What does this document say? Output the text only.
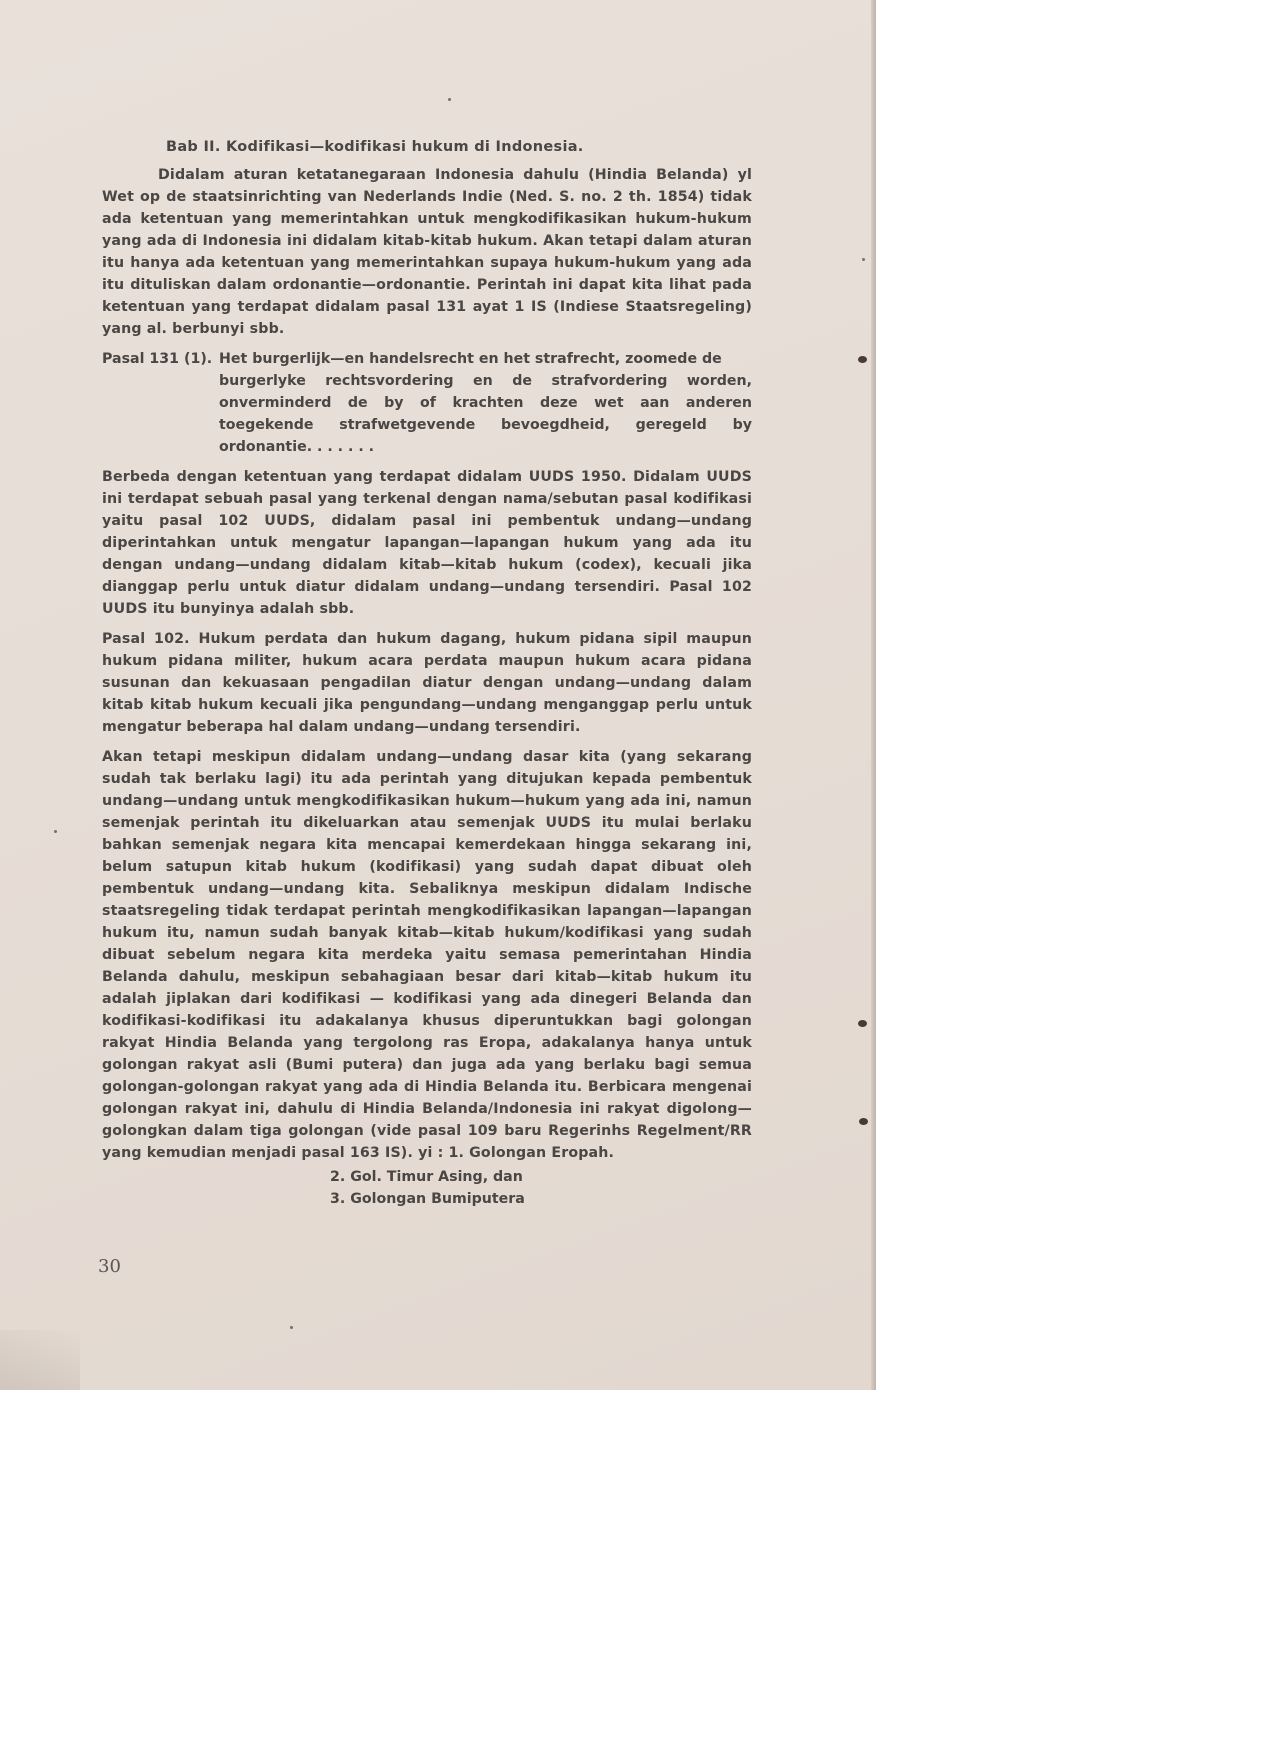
Bab II. Kodifikasi—kodifikasi hukum di Indonesia.

Didalam aturan ketatanegaraan Indonesia dahulu (Hindia Belanda) yl Wet op de staatsinrichting van Nederlands Indie (Ned. S. no. 2 th. 1854) tidak ada ketentuan yang memerintahkan untuk mengkodifikasikan hukum-hukum yang ada di Indonesia ini didalam kitab-kitab hukum. Akan tetapi dalam aturan itu hanya ada ketentuan yang memerintahkan supaya hukum-hukum yang ada itu dituliskan dalam ordonantie—ordonantie. Perintah ini dapat kita lihat pada ketentuan yang terdapat didalam pasal 131 ayat 1 IS (Indiese Staatsregeling) yang al. berbunyi sbb.

Pasal 131 (1). Het burgerlijk—en handelsrecht en het strafrecht, zoomede de

burgerlyke rechtsvordering en de strafvordering worden, onverminderd de by of krachten deze wet aan anderen toegekende strafwetgevende bevoegdheid, geregeld by ordonantie. . . . . . .

Berbeda dengan ketentuan yang terdapat didalam UUDS 1950. Didalam UUDS ini terdapat sebuah pasal yang terkenal dengan nama/sebutan pasal kodifikasi yaitu pasal 102 UUDS, didalam pasal ini pembentuk undang—undang diperintahkan untuk mengatur lapangan—lapangan hukum yang ada itu dengan undang—undang didalam kitab—kitab hukum (codex), kecuali jika dianggap perlu untuk diatur didalam undang—undang tersendiri. Pasal 102 UUDS itu bunyinya adalah sbb.

Pasal 102. Hukum perdata dan hukum dagang, hukum pidana sipil maupun hukum pidana militer, hukum acara perdata maupun hukum acara pidana susunan dan kekuasaan pengadilan diatur dengan undang—undang dalam kitab kitab hukum kecuali jika pengundang—undang menganggap perlu untuk mengatur beberapa hal dalam undang—undang tersendiri.

Akan tetapi meskipun didalam undang—undang dasar kita (yang sekarang sudah tak berlaku lagi) itu ada perintah yang ditujukan kepada pembentuk undang—undang untuk mengkodifikasikan hukum—hukum yang ada ini, namun semenjak perintah itu dikeluarkan atau semenjak UUDS itu mulai berlaku bahkan semenjak negara kita mencapai kemerdekaan hingga sekarang ini, belum satupun kitab hukum (kodifikasi) yang sudah dapat dibuat oleh pembentuk undang—undang kita. Sebaliknya meskipun didalam Indische staatsregeling tidak terdapat perintah mengkodifikasikan lapangan—lapangan hukum itu, namun sudah banyak kitab—kitab hukum/kodifikasi yang sudah dibuat sebelum negara kita merdeka yaitu semasa pemerintahan Hindia Belanda dahulu, meskipun sebahagiaan besar dari kitab—kitab hukum itu adalah jiplakan dari kodifikasi — kodifikasi yang ada dinegeri Belanda dan kodifikasi-kodifikasi itu adakalanya khusus diperuntukkan bagi golongan rakyat Hindia Belanda yang tergolong ras Eropa, adakalanya hanya untuk golongan rakyat asli (Bumi putera) dan juga ada yang berlaku bagi semua golongan-golongan rakyat yang ada di Hindia Belanda itu. Berbicara mengenai golongan rakyat ini, dahulu di Hindia Belanda/Indonesia ini rakyat digolong—golongkan dalam tiga golongan (vide pasal 109 baru Regerinhs Regelment/RR yang kemudian menjadi pasal 163 IS). yi : 1. Golongan Eropah.

2. Gol. Timur Asing, dan
3. Golongan Bumiputera
30
